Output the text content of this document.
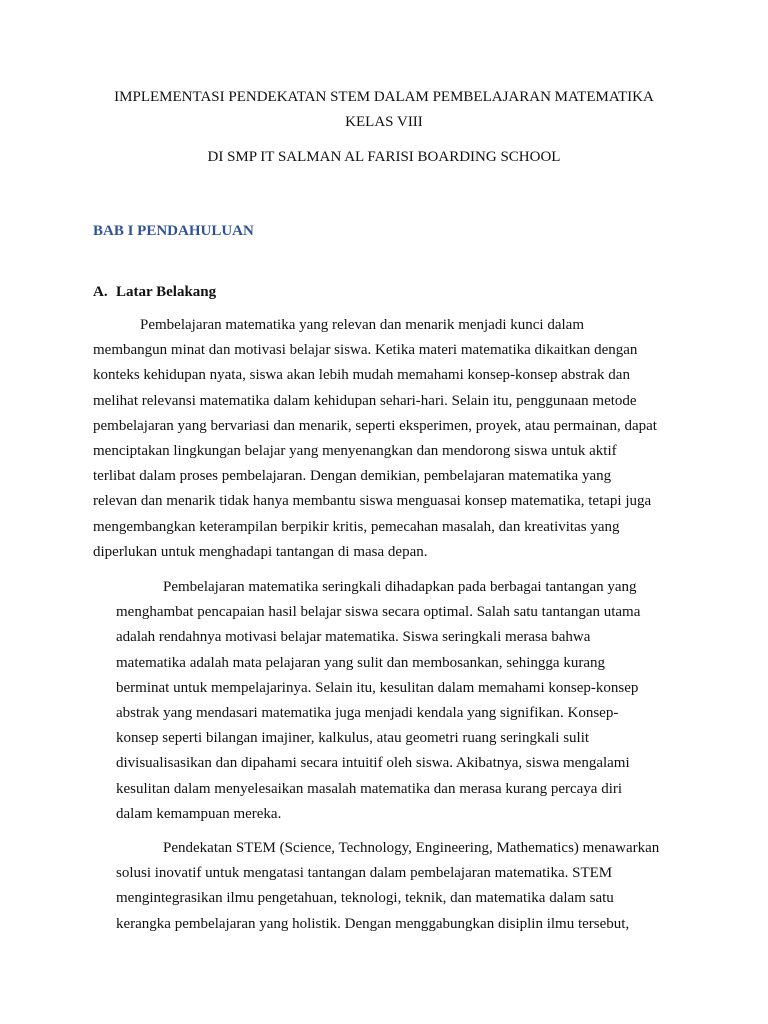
IMPLEMENTASI PENDEKATAN STEM DALAM PEMBELAJARAN MATEMATIKA
KELAS VIII
DI SMP IT SALMAN AL FARISI BOARDING SCHOOL
BAB I PENDAHULUAN
A. Latar Belakang
Pembelajaran matematika yang relevan dan menarik menjadi kunci dalam
membangun minat dan motivasi belajar siswa. Ketika materi matematika dikaitkan dengan
konteks kehidupan nyata, siswa akan lebih mudah memahami konsep-konsep abstrak dan
melihat relevansi matematika dalam kehidupan sehari-hari. Selain itu, penggunaan metode
pembelajaran yang bervariasi dan menarik, seperti eksperimen, proyek, atau permainan, dapat
menciptakan lingkungan belajar yang menyenangkan dan mendorong siswa untuk aktif
terlibat dalam proses pembelajaran. Dengan demikian, pembelajaran matematika yang
relevan dan menarik tidak hanya membantu siswa menguasai konsep matematika, tetapi juga
mengembangkan keterampilan berpikir kritis, pemecahan masalah, dan kreativitas yang
diperlukan untuk menghadapi tantangan di masa depan.
Pembelajaran matematika seringkali dihadapkan pada berbagai tantangan yang
menghambat pencapaian hasil belajar siswa secara optimal. Salah satu tantangan utama
adalah rendahnya motivasi belajar matematika. Siswa seringkali merasa bahwa
matematika adalah mata pelajaran yang sulit dan membosankan, sehingga kurang
berminat untuk mempelajarinya. Selain itu, kesulitan dalam memahami konsep-konsep
abstrak yang mendasari matematika juga menjadi kendala yang signifikan. Konsep-
konsep seperti bilangan imajiner, kalkulus, atau geometri ruang seringkali sulit
divisualisasikan dan dipahami secara intuitif oleh siswa. Akibatnya, siswa mengalami
kesulitan dalam menyelesaikan masalah matematika dan merasa kurang percaya diri
dalam kemampuan mereka.
Pendekatan STEM (Science, Technology, Engineering, Mathematics) menawarkan
solusi inovatif untuk mengatasi tantangan dalam pembelajaran matematika. STEM
mengintegrasikan ilmu pengetahuan, teknologi, teknik, dan matematika dalam satu
kerangka pembelajaran yang holistik. Dengan menggabungkan disiplin ilmu tersebut,
